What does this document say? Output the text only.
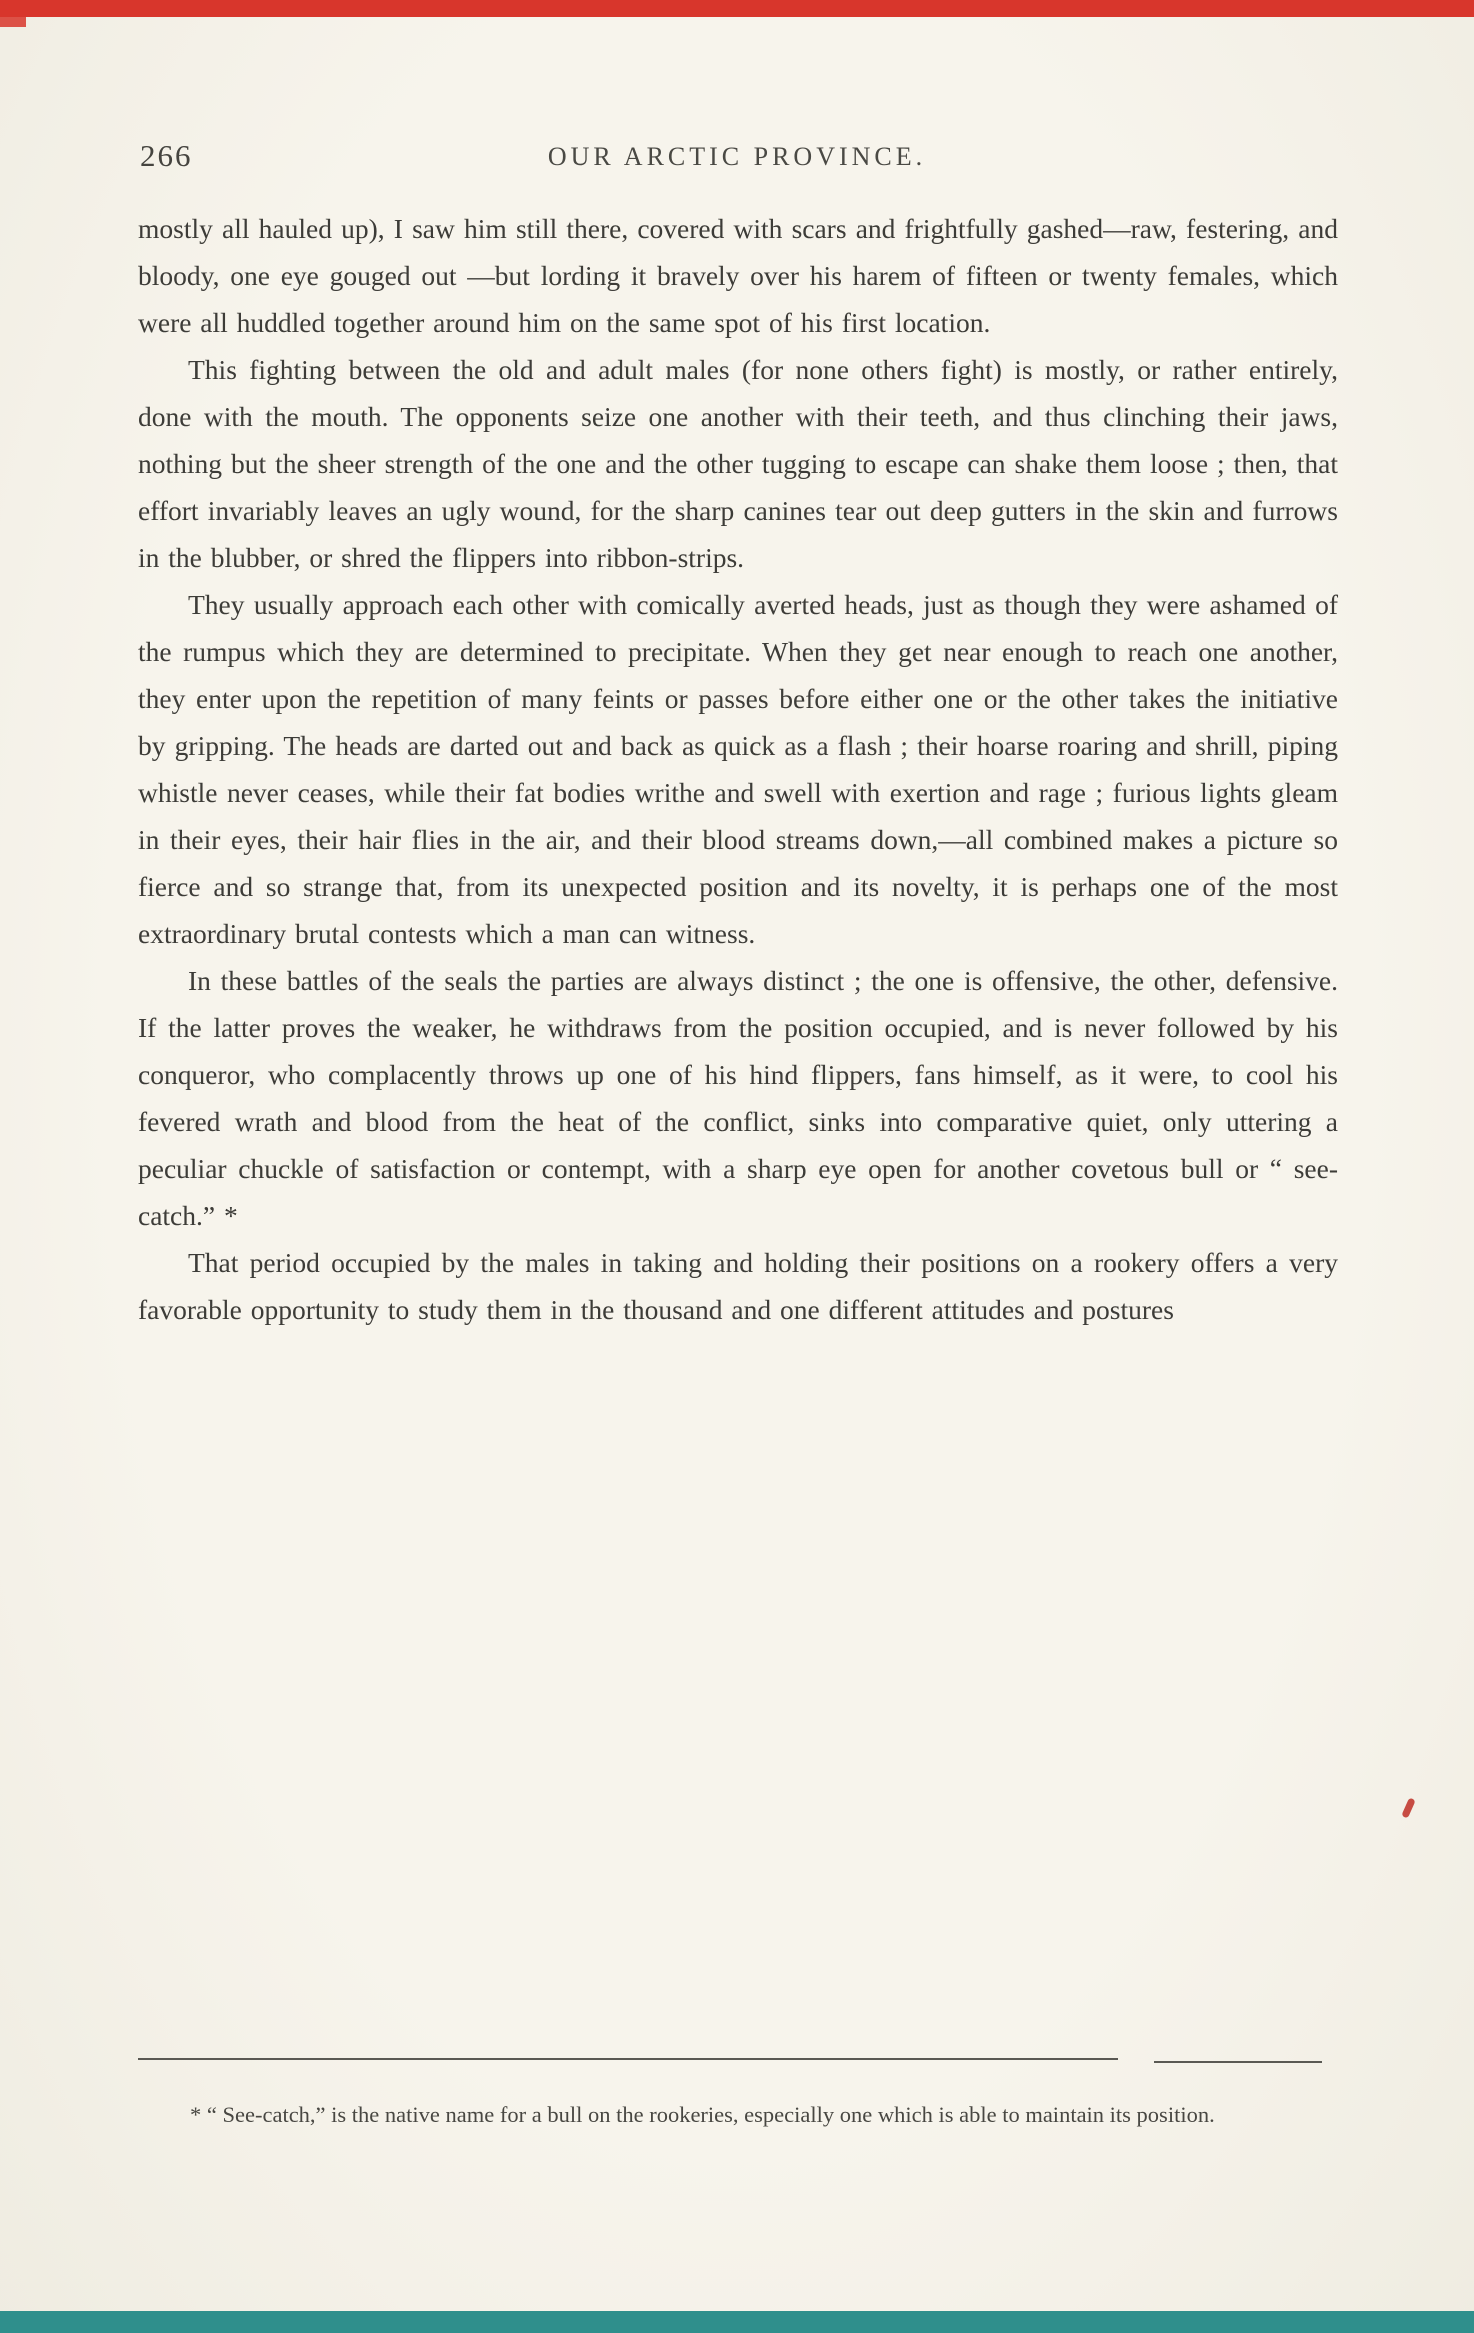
266	OUR ARCTIC PROVINCE.

mostly all hauled up), I saw him still there, covered with scars and frightfully gashed—raw, festering, and bloody, one eye gouged out —but lording it bravely over his harem of fifteen or twenty females, which were all huddled together around him on the same spot of his first location.

This fighting between the old and adult males (for none others fight) is mostly, or rather entirely, done with the mouth. The opponents seize one another with their teeth, and thus clinching their jaws, nothing but the sheer strength of the one and the other tugging to escape can shake them loose ; then, that effort invariably leaves an ugly wound, for the sharp canines tear out deep gutters in the skin and furrows in the blubber, or shred the flippers into ribbon-strips.

They usually approach each other with comically averted heads, just as though they were ashamed of the rumpus which they are determined to precipitate. When they get near enough to reach one another, they enter upon the repetition of many feints or passes before either one or the other takes the initiative by gripping. The heads are darted out and back as quick as a flash ; their hoarse roaring and shrill, piping whistle never ceases, while their fat bodies writhe and swell with exertion and rage ; furious lights gleam in their eyes, their hair flies in the air, and their blood streams down,—all combined makes a picture so fierce and so strange that, from its unexpected position and its novelty, it is perhaps one of the most extraordinary brutal contests which a man can witness.

In these battles of the seals the parties are always distinct ; the one is offensive, the other, defensive. If the latter proves the weaker, he withdraws from the position occupied, and is never followed by his conqueror, who complacently throws up one of his hind flippers, fans himself, as it were, to cool his fevered wrath and blood from the heat of the conflict, sinks into comparative quiet, only uttering a peculiar chuckle of satisfaction or contempt, with a sharp eye open for another covetous bull or “ see-catch.” *

That period occupied by the males in taking and holding their positions on a rookery offers a very favorable opportunity to study them in the thousand and one different attitudes and postures

* “ See-catch,” is the native name for a bull on the rookeries, especially one which is able to maintain its position.
